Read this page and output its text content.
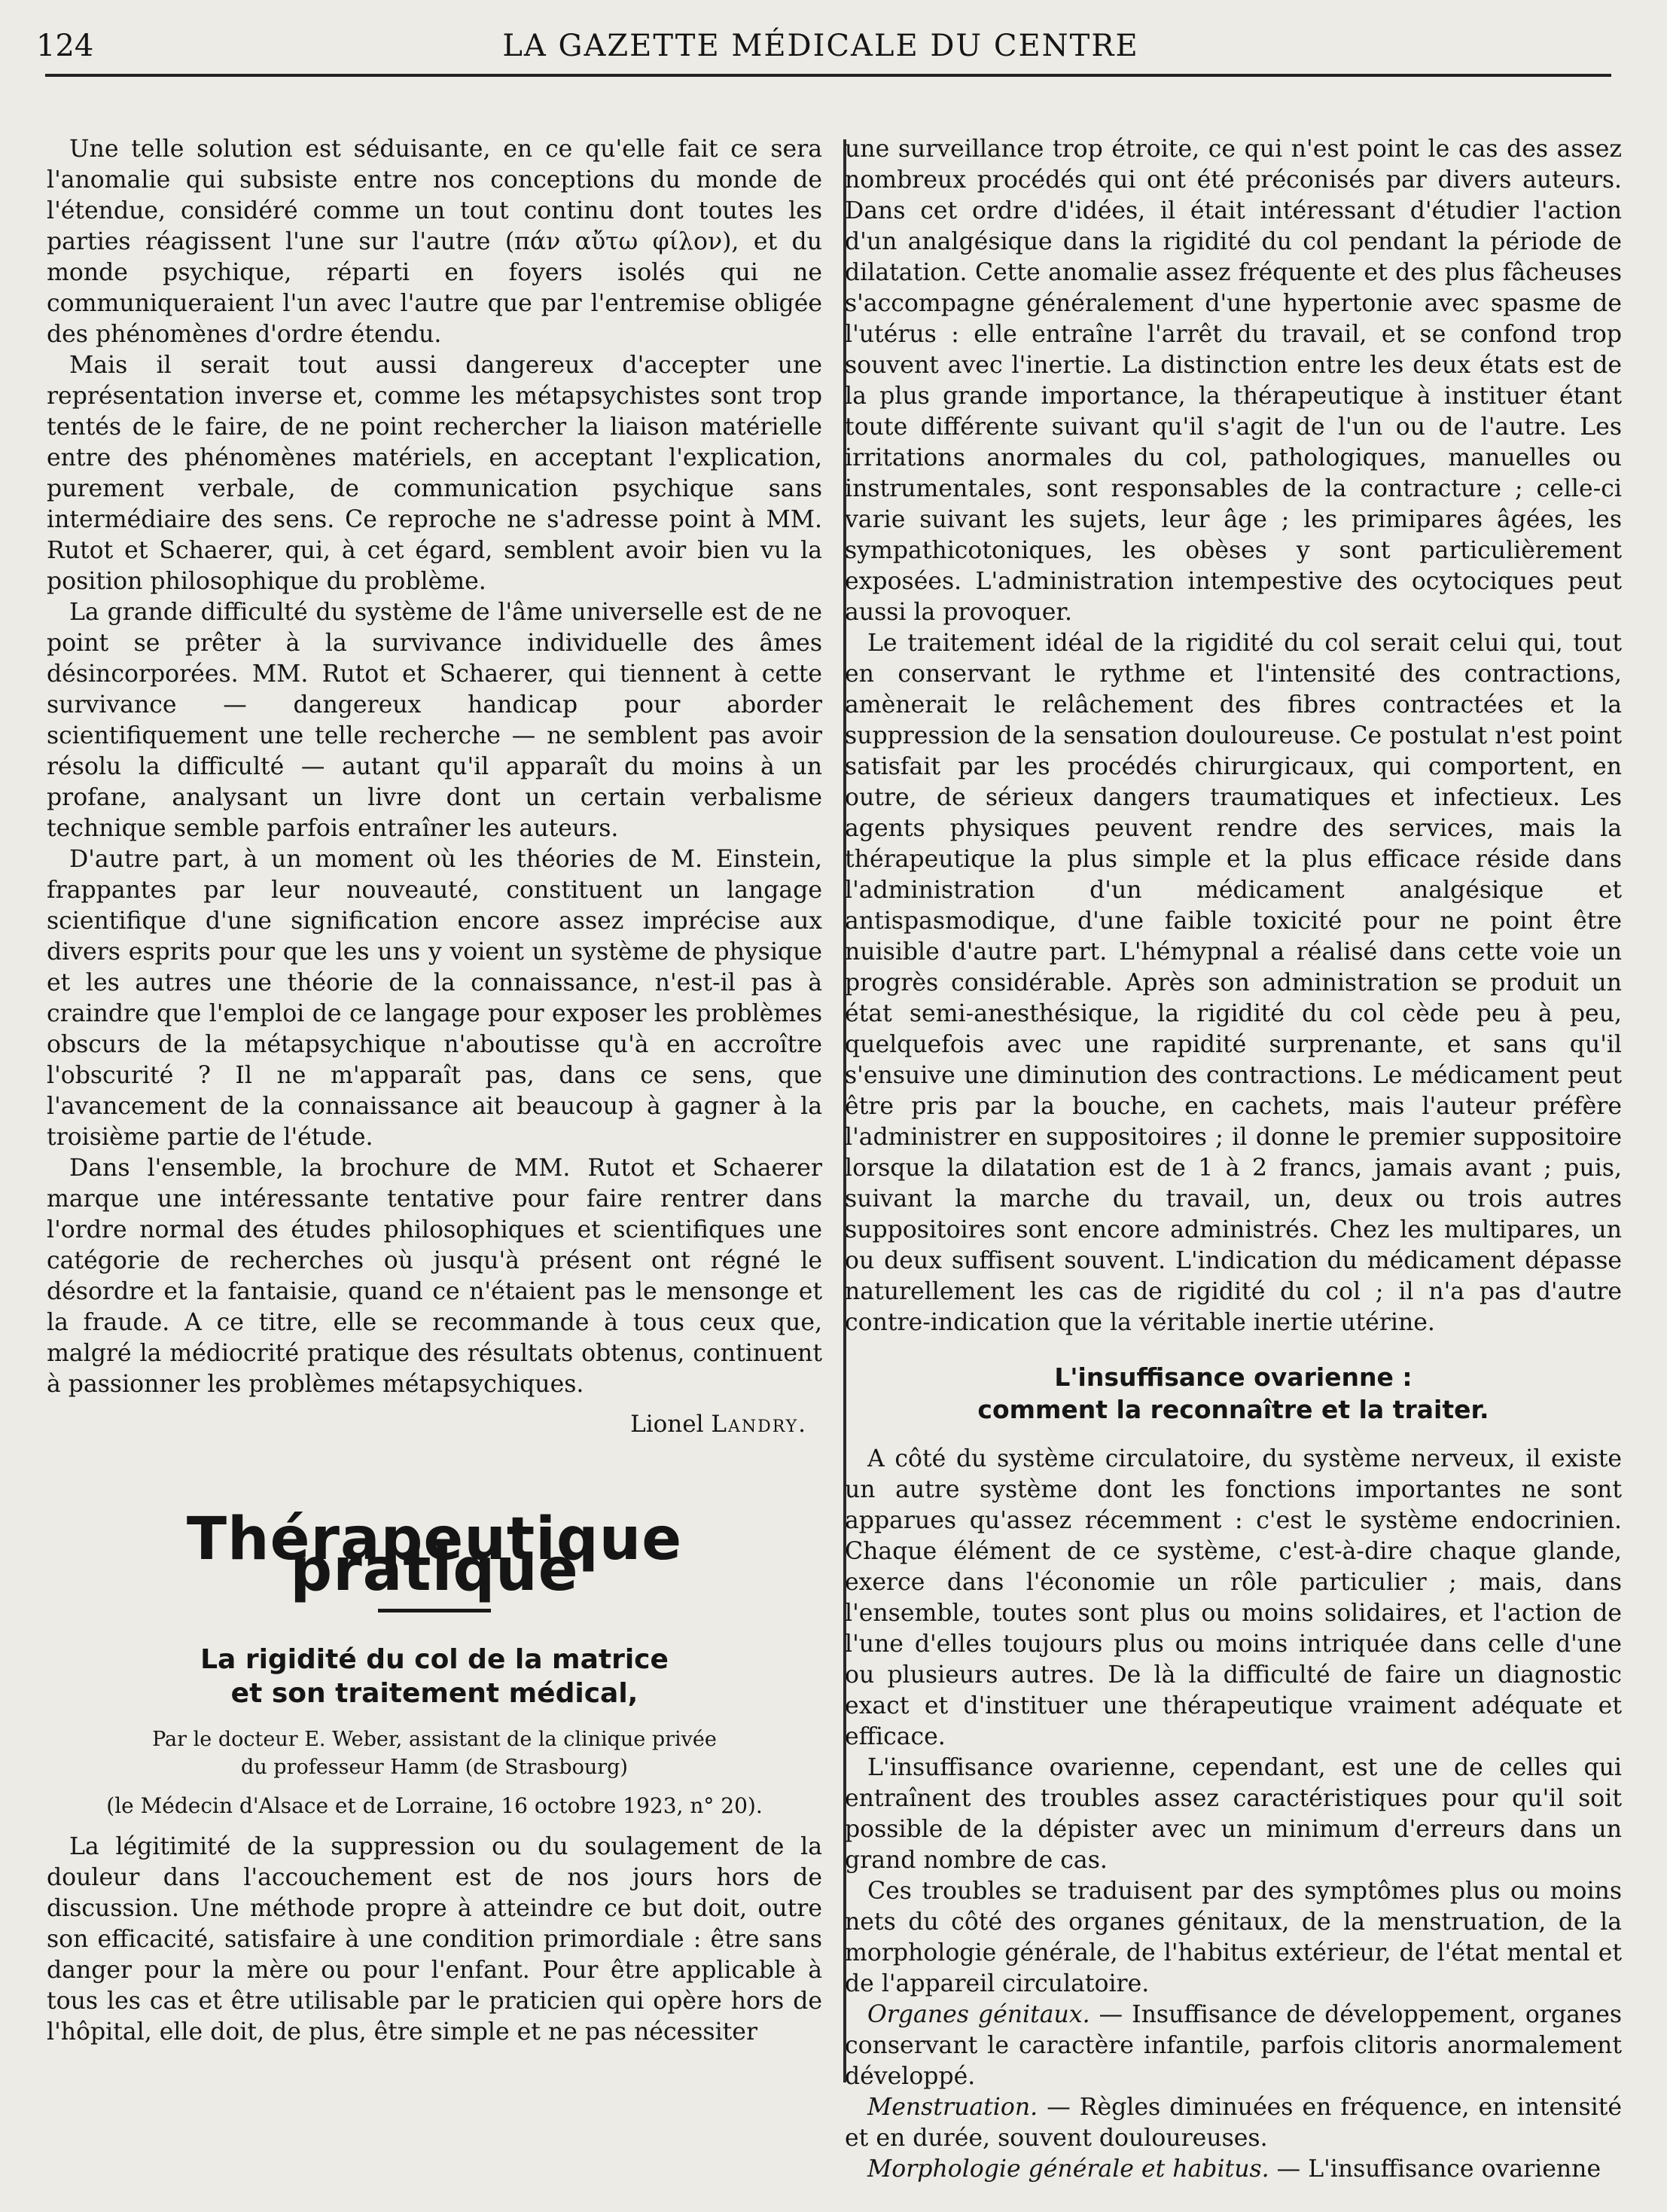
124	LA GAZETTE MÉDICALE DU CENTRE

Une telle solution est séduisante, en ce qu'elle fait ce sera l'anomalie qui subsiste entre nos conceptions du monde de l'étendue, considéré comme un tout continu dont toutes les parties réagissent l'une sur l'autre (πάν αὔτω φίλον), et du monde psychique, réparti en foyers isolés qui ne communiqueraient l'un avec l'autre que par l'entremise obligée des phénomènes d'ordre étendu.

Mais il serait tout aussi dangereux d'accepter une représentation inverse et, comme les métapsychistes sont trop tentés de le faire, de ne point rechercher la liaison matérielle entre des phénomènes matériels, en acceptant l'explication, purement verbale, de communication psychique sans intermédiaire des sens. Ce reproche ne s'adresse point à MM. Rutot et Schaerer, qui, à cet égard, semblent avoir bien vu la position philosophique du problème.

La grande difficulté du système de l'âme universelle est de ne point se prêter à la survivance individuelle des âmes désincorporées. MM. Rutot et Schaerer, qui tiennent à cette survivance — dangereux handicap pour aborder scientifiquement une telle recherche — ne semblent pas avoir résolu la difficulté — autant qu'il apparaît du moins à un profane, analysant un livre dont un certain verbalisme technique semble parfois entraîner les auteurs.

D'autre part, à un moment où les théories de M. Einstein, frappantes par leur nouveauté, constituent un langage scientifique d'une signification encore assez imprécise aux divers esprits pour que les uns y voient un système de physique et les autres une théorie de la connaissance, n'est-il pas à craindre que l'emploi de ce langage pour exposer les problèmes obscurs de la métapsychique n'aboutisse qu'à en accroître l'obscurité ? Il ne m'apparaît pas, dans ce sens, que l'avancement de la connaissance ait beaucoup à gagner à la troisième partie de l'étude.

Dans l'ensemble, la brochure de MM. Rutot et Schaerer marque une intéressante tentative pour faire rentrer dans l'ordre normal des études philosophiques et scientifiques une catégorie de recherches où jusqu'à présent ont régné le désordre et la fantaisie, quand ce n'étaient pas le mensonge et la fraude. A ce titre, elle se recommande à tous ceux que, malgré la médiocrité pratique des résultats obtenus, continuent à passionner les problèmes métapsychiques.

Lionel Landry.
Thérapeutique pratique
La rigidité du col de la matrice
et son traitement médical,
Par le docteur E. Weber, assistant de la clinique privée
du professeur Hamm (de Strasbourg)
(le Médecin d'Alsace et de Lorraine, 16 octobre 1923, n° 20).

La légitimité de la suppression ou du soulagement de la douleur dans l'accouchement est de nos jours hors de discussion. Une méthode propre à atteindre ce but doit, outre son efficacité, satisfaire à une condition primordiale : être sans danger pour la mère ou pour l'enfant. Pour être applicable à tous les cas et être utilisable par le praticien qui opère hors de l'hôpital, elle doit, de plus, être simple et ne pas nécessiter

une surveillance trop étroite, ce qui n'est point le cas des assez nombreux procédés qui ont été préconisés par divers auteurs. Dans cet ordre d'idées, il était intéressant d'étudier l'action d'un analgésique dans la rigidité du col pendant la période de dilatation. Cette anomalie assez fréquente et des plus fâcheuses s'accompagne généralement d'une hypertonie avec spasme de l'utérus : elle entraîne l'arrêt du travail, et se confond trop souvent avec l'inertie. La distinction entre les deux états est de la plus grande importance, la thérapeutique à instituer étant toute différente suivant qu'il s'agit de l'un ou de l'autre. Les irritations anormales du col, pathologiques, manuelles ou instrumentales, sont responsables de la contracture ; celle-ci varie suivant les sujets, leur âge ; les primipares âgées, les sympathicotoniques, les obèses y sont particulièrement exposées. L'administration intempestive des ocytociques peut aussi la provoquer.

Le traitement idéal de la rigidité du col serait celui qui, tout en conservant le rythme et l'intensité des contractions, amènerait le relâchement des fibres contractées et la suppression de la sensation douloureuse. Ce postulat n'est point satisfait par les procédés chirurgicaux, qui comportent, en outre, de sérieux dangers traumatiques et infectieux. Les agents physiques peuvent rendre des services, mais la thérapeutique la plus simple et la plus efficace réside dans l'administration d'un médicament analgésique et antispasmodique, d'une faible toxicité pour ne point être nuisible d'autre part. L'hémypnal a réalisé dans cette voie un progrès considérable. Après son administration se produit un état semi-anesthésique, la rigidité du col cède peu à peu, quelquefois avec une rapidité surprenante, et sans qu'il s'ensuive une diminution des contractions. Le médicament peut être pris par la bouche, en cachets, mais l'auteur préfère l'administrer en suppositoires ; il donne le premier suppositoire lorsque la dilatation est de 1 à 2 francs, jamais avant ; puis, suivant la marche du travail, un, deux ou trois autres suppositoires sont encore administrés. Chez les multipares, un ou deux suffisent souvent. L'indication du médicament dépasse naturellement les cas de rigidité du col ; il n'a pas d'autre contre-indication que la véritable inertie utérine.

L'insuffisance ovarienne :
comment la reconnaître et la traiter.

A côté du système circulatoire, du système nerveux, il existe un autre système dont les fonctions importantes ne sont apparues qu'assez récemment : c'est le système endocrinien. Chaque élément de ce système, c'est-à-dire chaque glande, exerce dans l'économie un rôle particulier ; mais, dans l'ensemble, toutes sont plus ou moins solidaires, et l'action de l'une d'elles toujours plus ou moins intriquée dans celle d'une ou plusieurs autres. De là la difficulté de faire un diagnostic exact et d'instituer une thérapeutique vraiment adéquate et efficace.

L'insuffisance ovarienne, cependant, est une de celles qui entraînent des troubles assez caractéristiques pour qu'il soit possible de la dépister avec un minimum d'erreurs dans un grand nombre de cas.

Ces troubles se traduisent par des symptômes plus ou moins nets du côté des organes génitaux, de la menstruation, de la morphologie générale, de l'habitus extérieur, de l'état mental et de l'appareil circulatoire.

Organes génitaux. — Insuffisance de développement, organes conservant le caractère infantile, parfois clitoris anormalement développé.

Menstruation. — Règles diminuées en fréquence, en intensité et en durée, souvent douloureuses.

Morphologie générale et habitus. — L'insuffisance ovarienne
